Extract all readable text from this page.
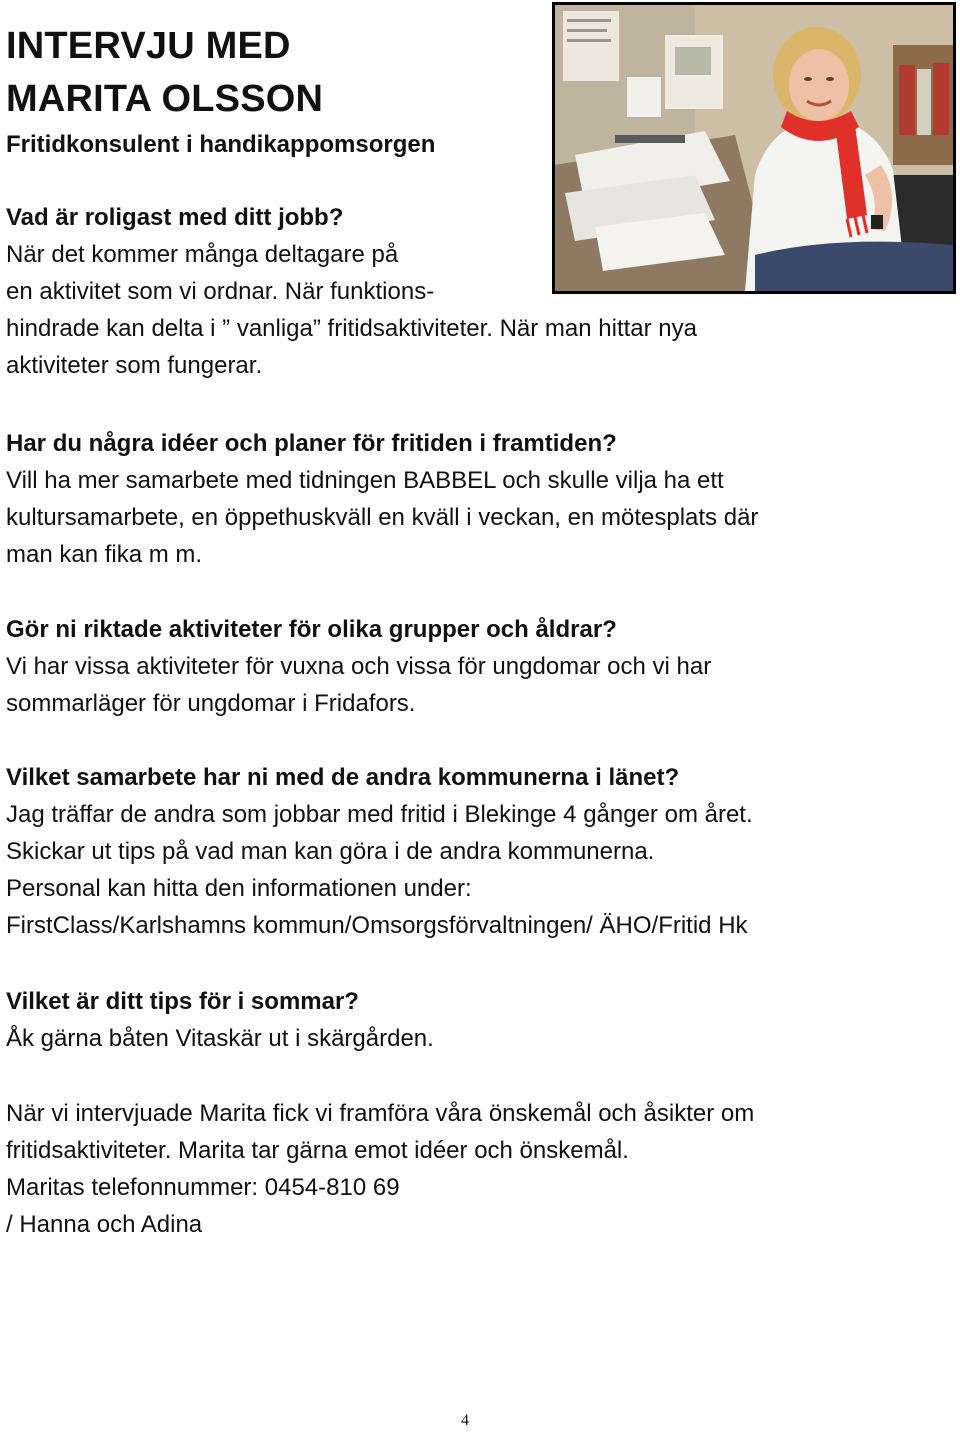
INTERVJU MED
MARITA OLSSON

Fritidkonsulent i handikappomsorgen

Vad är roligast med ditt jobb?

När det kommer många deltagare på

en aktivitet som vi ordnar. När funktions-

hindrade kan delta i ” vanliga” fritidsaktiviteter. När man hittar nya

aktiviteter som fungerar.

Har du några idéer och planer för fritiden i framtiden?

Vill ha mer samarbete med tidningen BABBEL och skulle vilja ha ett

kultursamarbete, en öppethuskväll en kväll i veckan, en mötesplats där

man kan fika m m.

Gör ni riktade aktiviteter för olika grupper och åldrar?

Vi har vissa aktiviteter för vuxna och vissa för ungdomar och vi har

sommarläger för ungdomar i Fridafors.

Vilket samarbete har ni med de andra kommunerna i länet?

Jag träffar de andra som jobbar med fritid i Blekinge 4 gånger om året.

Skickar ut tips på vad man kan göra i de andra kommunerna.

Personal kan hitta den informationen under:

FirstClass/Karlshamns kommun/Omsorgsförvaltningen/ ÄHO/Fritid Hk

Vilket är ditt tips för i sommar?

Åk gärna båten Vitaskär ut i skärgården.

När vi intervjuade Marita fick vi framföra våra önskemål och åsikter om

fritidsaktiviteter. Marita tar gärna emot idéer och önskemål.

Maritas telefonnummer: 0454-810 69

/ Hanna och Adina

4
